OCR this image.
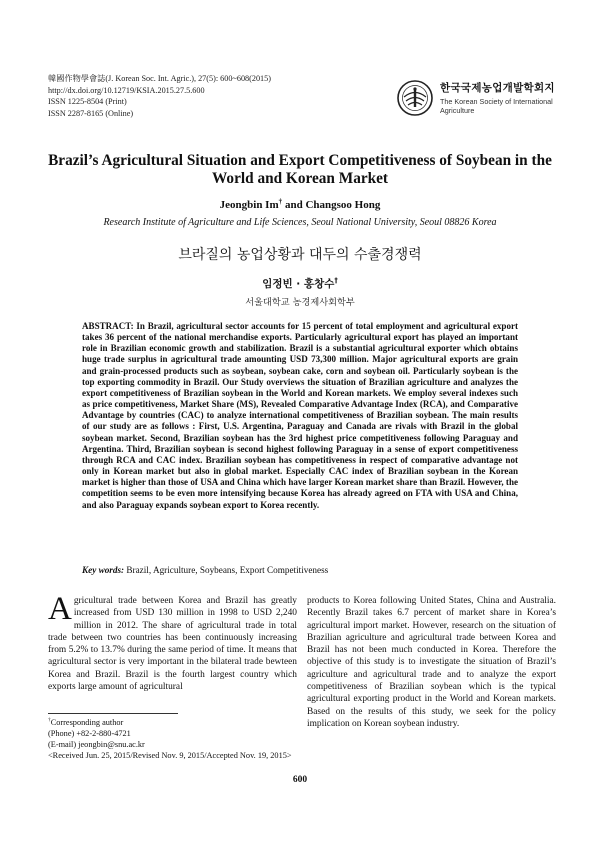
韓國作物學會誌(J. Korean Soc. Int. Agric.), 27(5): 600~608(2015)
http://dx.doi.org/10.12719/KSIA.2015.27.5.600
ISSN 1225-8504 (Print)
ISSN 2287-8165 (Online)
한국국제농업개발학회지
The Korean Society of International Agriculture
Brazil’s Agricultural Situation and Export Competitiveness of Soybean in the World and Korean Market
Jeongbin Im† and Changsoo Hong
Research Institute of Agriculture and Life Sciences, Seoul National University, Seoul 08826 Korea
브라질의 농업상황과 대두의 수출경쟁력
임정빈 · 홍창수†
서울대학교 농경제사회학부
ABSTRACT: In Brazil, agricultural sector accounts for 15 percent of total employment and agricultural export takes 36 percent of the national merchandise exports. Particularly agricultural export has played an important role in Brazilian economic growth and stabilization. Brazil is a substantial agricultural exporter which obtains huge trade surplus in agricultural trade amounting USD 73,300 million. Major agricultural exports are grain and grain-processed products such as soybean, soybean cake, corn and soybean oil. Particularly soybean is the top exporting commodity in Brazil. Our Study overviews the situation of Brazilian agriculture and analyzes the export competitiveness of Brazilian soybean in the World and Korean markets. We employ several indexes such as price competitiveness, Market Share (MS), Revealed Comparative Advantage Index (RCA), and Comparative Advantage by countries (CAC) to analyze international competitiveness of Brazilian soybean. The main results of our study are as follows : First, U.S. Argentina, Paraguay and Canada are rivals with Brazil in the global soybean market. Second, Brazilian soybean has the 3rd highest price competitiveness following Paraguay and Argentina. Third, Brazilian soybean is second highest following Paraguay in a sense of export competitiveness through RCA and CAC index. Brazilian soybean has competitiveness in respect of comparative advantage not only in Korean market but also in global market. Especially CAC index of Brazilian soybean in the Korean market is higher than those of USA and China which have larger Korean market share than Brazil. However, the competition seems to be even more intensifying because Korea has already agreed on FTA with USA and China, and also Paraguay expands soybean export to Korea recently.
Key words: Brazil, Agriculture, Soybeans, Export Competitiveness
Agricultural trade between Korea and Brazil has greatly increased from USD 130 million in 1998 to USD 2,240 million in 2012. The share of agricultural trade in total trade between two countries has been continuously increasing from 5.2% to 13.7% during the same period of time. It means that agricultural sector is very important in the bilateral trade bewteen Korea and Brazil. Brazil is the fourth largest country which exports large amount of agricultural
products to Korea following United States, China and Australia. Recently Brazil takes 6.7 percent of market share in Korea’s agricultural import market. However, research on the situation of Brazilian agriculture and agricultural trade between Korea and Brazil has not been much conducted in Korea. Therefore the objective of this study is to investigate the situation of Brazil’s agriculture and agricultural trade and to analyze the export competitiveness of Brazilian soybean which is the typical agricultural exporting product in the World and Korean markets. Based on the results of this study, we seek for the policy implication on Korean soybean industry.
†Corresponding author
(Phone) +82-2-880-4721
(E-mail) jeongbin@snu.ac.kr
<Received Jun. 25, 2015/Revised Nov. 9, 2015/Accepted Nov. 19, 2015>
600
